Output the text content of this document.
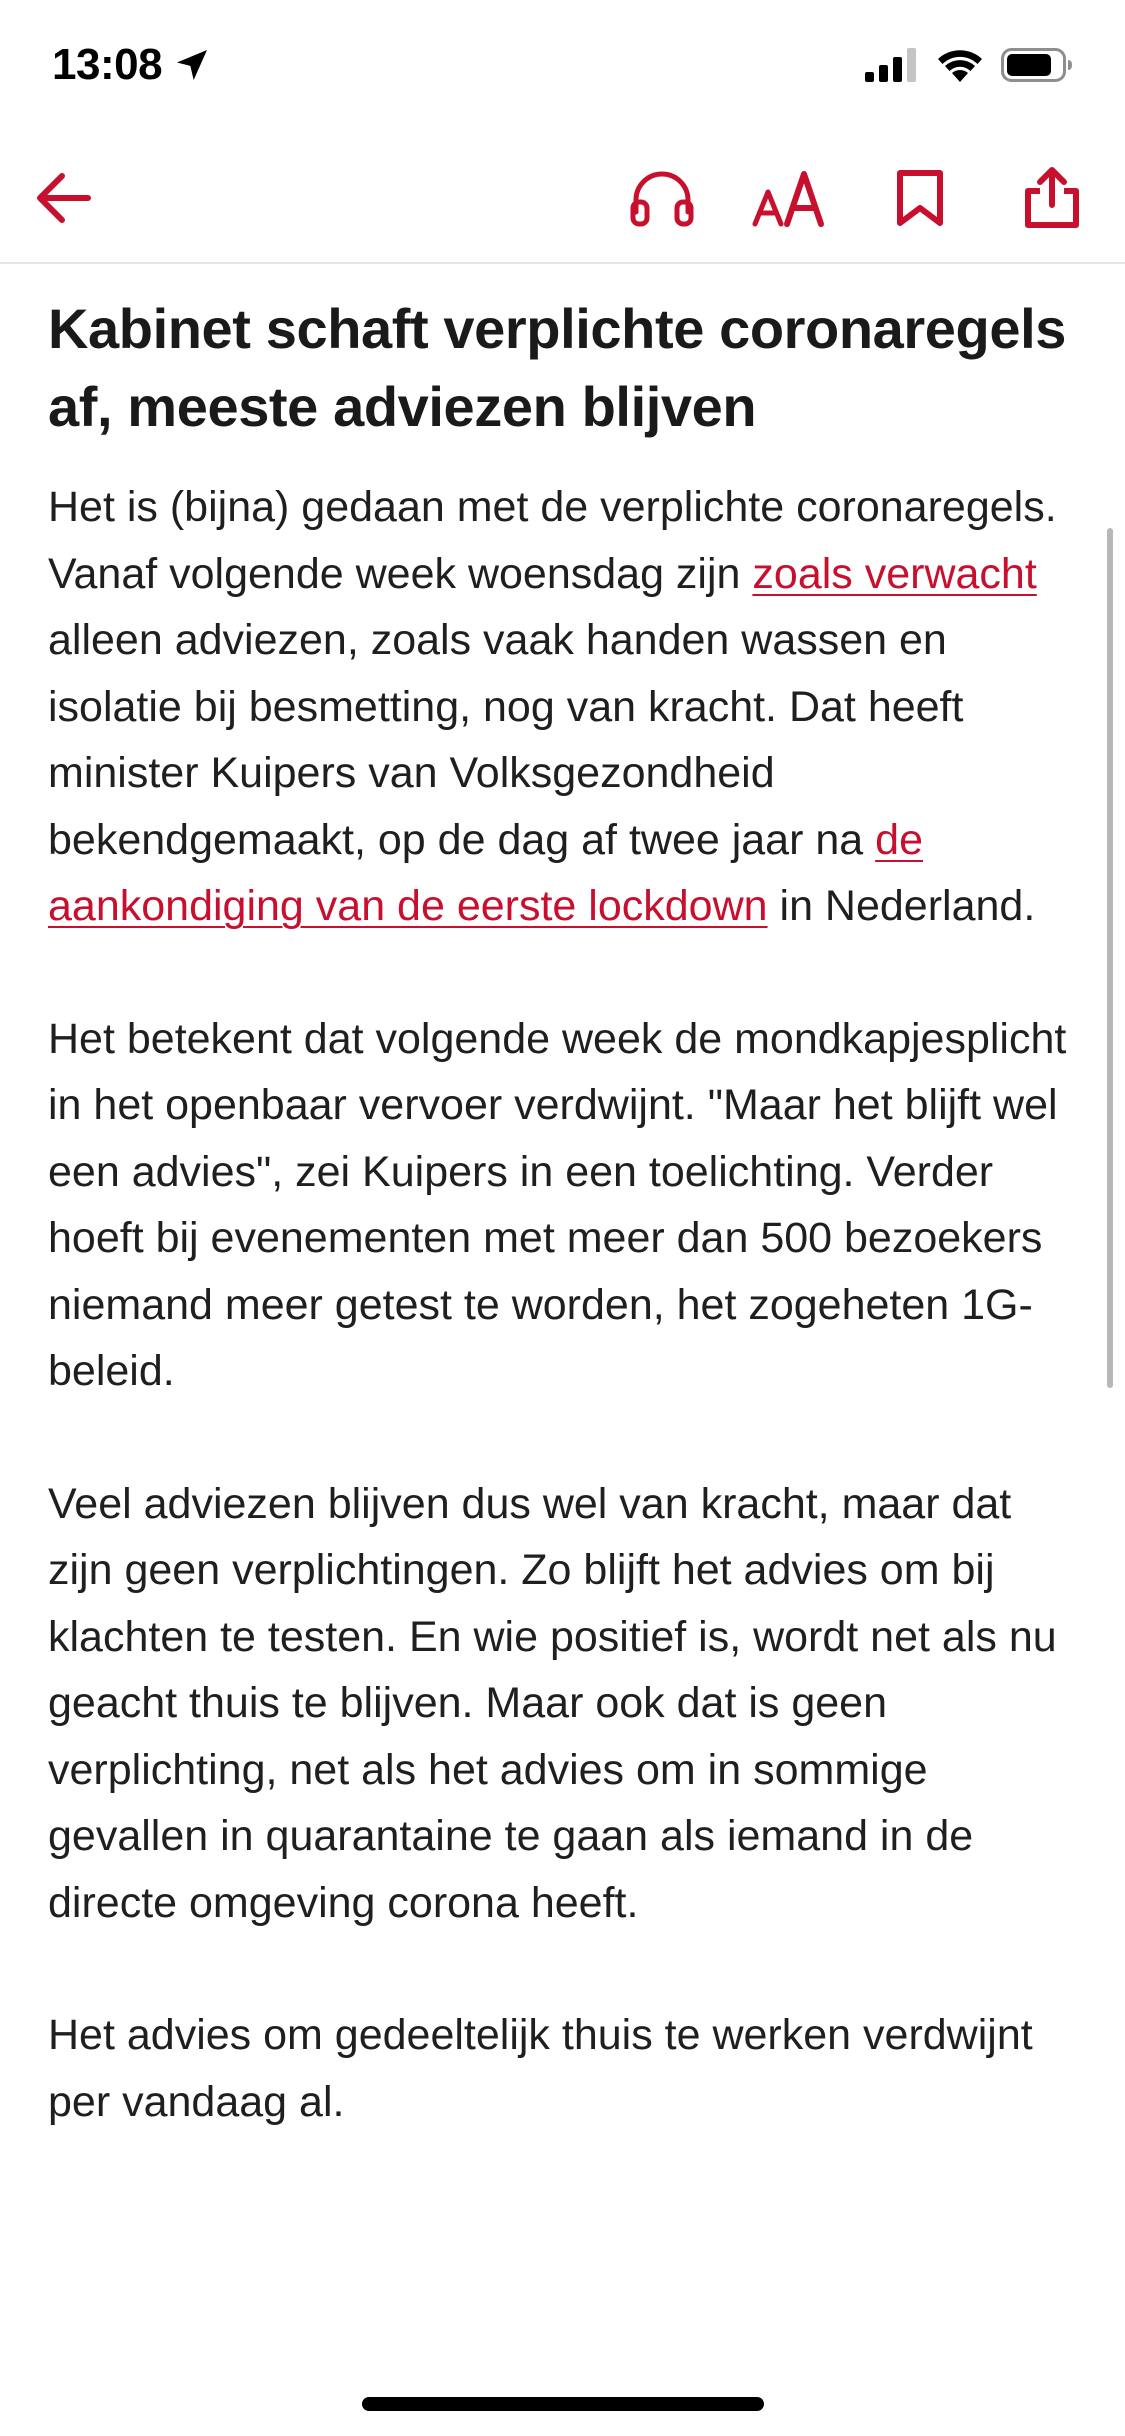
13:08
Kabinet schaft verplichte coronaregels af, meeste adviezen blijven

Het is (bijna) gedaan met de verplichte coronaregels. Vanaf volgende week woensdag zijn zoals verwacht alleen adviezen, zoals vaak handen wassen en isolatie bij besmetting, nog van kracht. Dat heeft minister Kuipers van Volksgezondheid bekendgemaakt, op de dag af twee jaar na de aankondiging van de eerste lockdown in Nederland.

Het betekent dat volgende week de mondkapjesplicht in het openbaar vervoer verdwijnt. "Maar het blijft wel een advies", zei Kuipers in een toelichting. Verder hoeft bij evenementen met meer dan 500 bezoekers niemand meer getest te worden, het zogeheten 1G-beleid.

Veel adviezen blijven dus wel van kracht, maar dat zijn geen verplichtingen. Zo blijft het advies om bij klachten te testen. En wie positief is, wordt net als nu geacht thuis te blijven. Maar ook dat is geen verplichting, net als het advies om in sommige gevallen in quarantaine te gaan als iemand in de directe omgeving corona heeft.

Het advies om gedeeltelijk thuis te werken verdwijnt per vandaag al.
